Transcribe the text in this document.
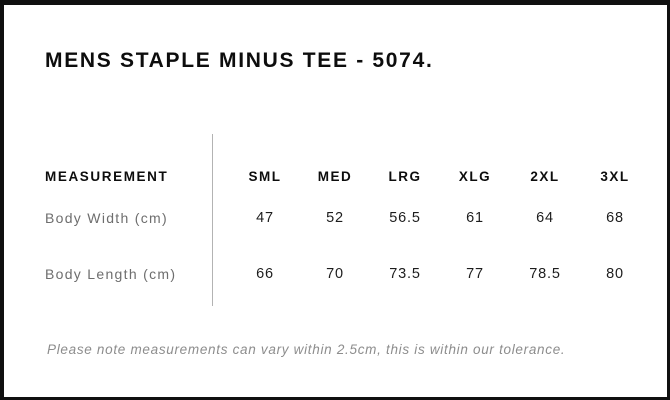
MENS STAPLE MINUS TEE - 5074.
MEASUREMENT	SML	MED	LRG	XLG	2XL	3XL
Body Width (cm)	47	52	56.5	61	64	68
Body Length (cm)	66	70	73.5	77	78.5	80

Please note measurements can vary within 2.5cm, this is within our tolerance.
